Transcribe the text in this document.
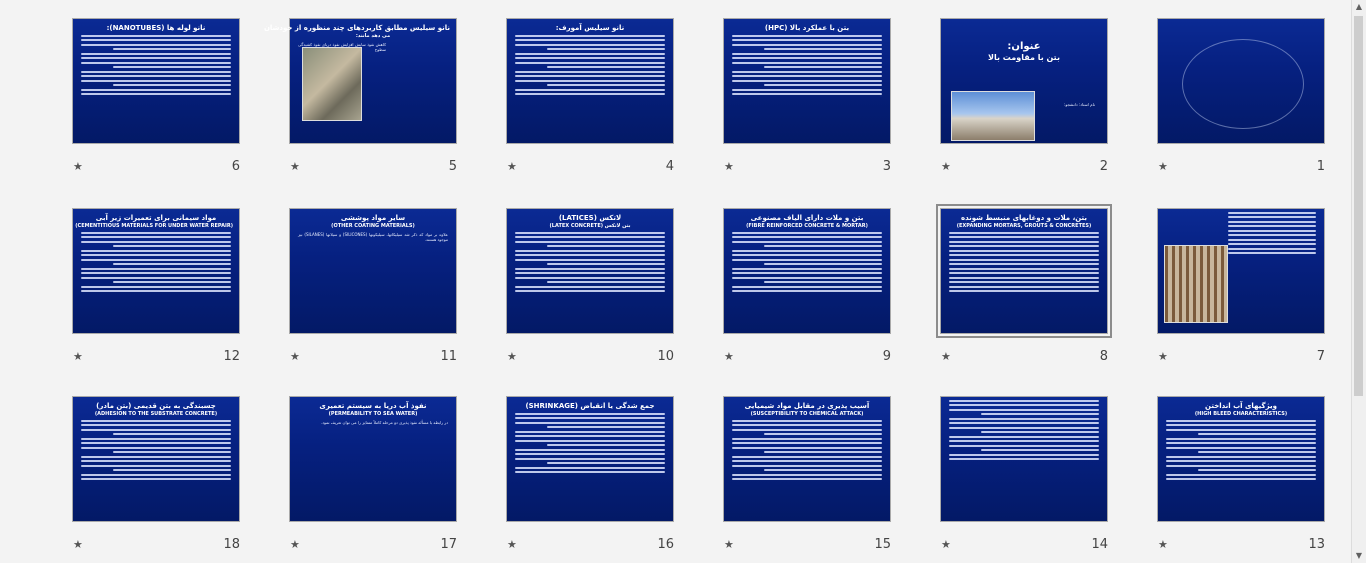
1
★
عنوان:
بتن با مقاومت بالا
نام استاد: دانشجو:
2
★
بتن با عملکرد بالا (HPC)
3
★
نانو سیلیس آمورف:
4
★
نانو سیلیس مطابق کاربردهای چند منظوره از خودشان
می دهد مانند:
کاهش نفوذ سایش افزایش نفوذ دریای نفوذ کشیدگی سطوح
5
★
نانو لوله ها (NANOTUBES):
6
★
7
★
بتن، ملات و دوغابهای منبسط شونده
(EXPANDING MORTARS, GROUTS & CONCRETES)
8
★
بتن و ملات دارای الیاف مصنوعی
(FIBRE REINFORCED CONCRETE & MORTAR)
9
★
لاتکس (LATICES)
بتن لاتکس (LATEX CONCRETE)
10
★
سایر مواد پوششی
(OTHER COATING MATERIALS)
علاوه بر مواد که ذکر شد سیلیکاتها، سیلیکونها (SILICONES) و سیلانها (SILANES) نیز موجود هستند.
11
★
مواد سیمانی برای تعمیرات زیر آبی
(CEMENTITIOUS MATERIALS FOR UNDER WATER REPAIR)
12
★
ویژگیهای آب انداختن
(HIGH BLEED CHARACTERISTICS)
13
★
14
★
آسیب پذیری در مقابل مواد شیمیایی
(SUSCEPTIBILITY TO CHEMICAL ATTACK)
15
★
جمع شدگی یا انقباض (SHRINKAGE)
16
★
نفوذ آب دریا به سیستم تعمیری
(PERMEABILITY TO SEA WATER)
در رابطه با مسأله نفوذ پذیری دو مرحله کاملاً متمایز را می توان تعریف نمود.
17
★
چسبندگی به بتن قدیمی (بتن مادر)
(ADHESION TO THE SUBSTRATE CONCRETE)
18
★
▲
▼
